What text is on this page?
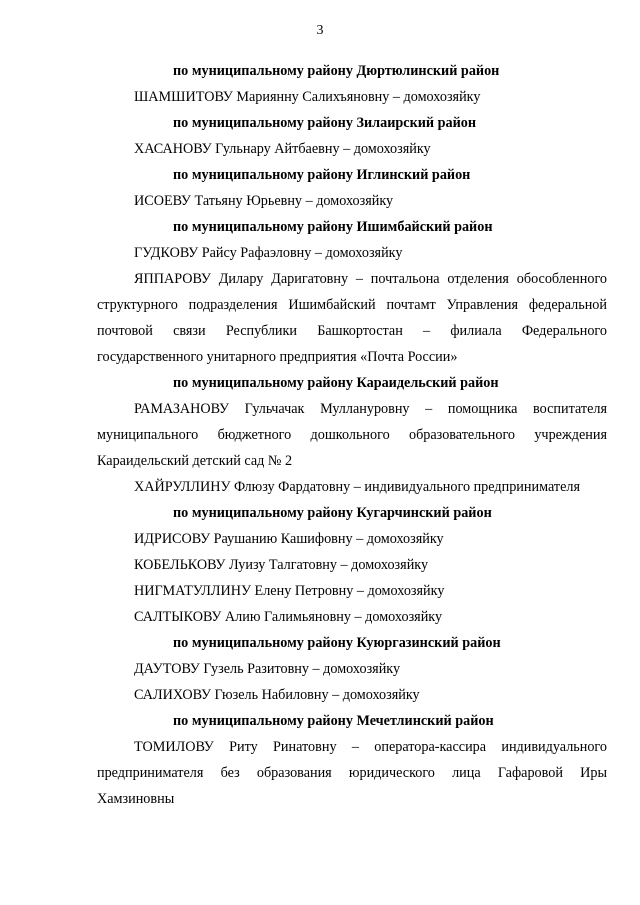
3
по муниципальному району Дюртюлинский район
ШАМШИТОВУ Мариянну Салихъяновну – домохозяйку
по муниципальному району Зилаирский район
ХАСАНОВУ Гульнару Айтбаевну – домохозяйку
по муниципальному району Иглинский район
ИСОЕВУ Татьяну Юрьевну – домохозяйку
по муниципальному району Ишимбайский район
ГУДКОВУ Райсу Рафаэловну – домохозяйку
ЯППАРОВУ Дилару Даригатовну – почтальона отделения обособленного
структурного подразделения Ишимбайский почтамт Управления федеральной
почтовой связи Республики Башкортостан – филиала Федерального
государственного унитарного предприятия «Почта России»
по муниципальному району Караидельский район
РАМАЗАНОВУ Гульчачак Муллануровну – помощника воспитателя
муниципального бюджетного дошкольного образовательного учреждения
Караидельский детский сад № 2
ХАЙРУЛЛИНУ Флюзу Фардатовну – индивидуального предпринимателя
по муниципальному району Кугарчинский район
ИДРИСОВУ Раушанию Кашифовну – домохозяйку
КОБЕЛЬКОВУ Луизу Талгатовну – домохозяйку
НИГМАТУЛЛИНУ Елену Петровну – домохозяйку
САЛТЫКОВУ Алию Галимьяновну – домохозяйку
по муниципальному району Куюргазинский район
ДАУТОВУ Гузель Разитовну – домохозяйку
САЛИХОВУ Гюзель Набиловну – домохозяйку
по муниципальному району Мечетлинский район
ТОМИЛОВУ Риту Ринатовну – оператора-кассира индивидуального
предпринимателя без образования юридического лица Гафаровой Иры
Хамзиновны
